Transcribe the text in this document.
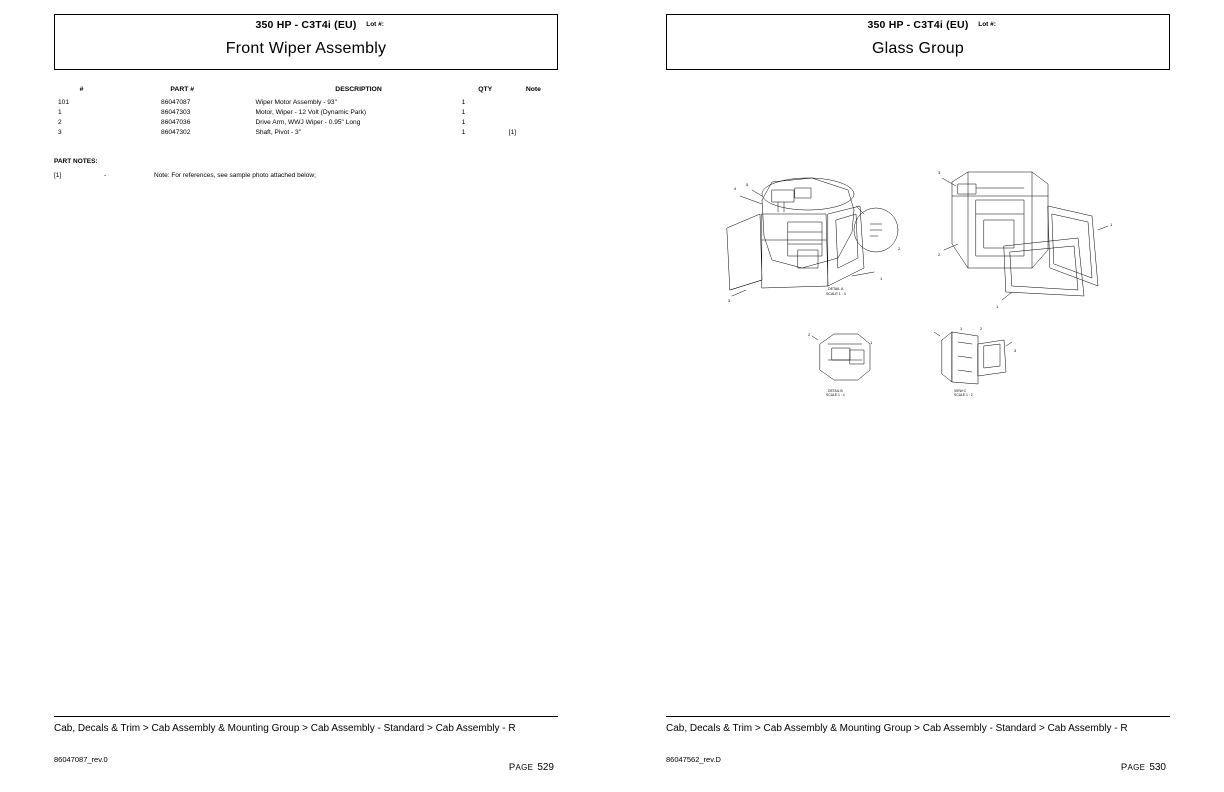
350 HP - C3T4i (EU) Lot #:
Front Wiper Assembly
#	PART #	DESCRIPTION	QTY	Note
101	86047087	Wiper Motor Assembly - 93"	1	
1	86047303	Motor, Wiper - 12 Volt (Dynamic Park)	1	
2	86047036	Drive Arm, WWJ Wiper - 0.95" Long	1	
3	86047302	Shaft, Pivot - 3"	1	[1]
PART NOTES:
[1]	-	Note: For references, see sample photo attached below;
Cab, Decals & Trim > Cab Assembly & Mounting Group > Cab Assembly - Standard > Cab Assembly - R
86047087_rev.0
PAGE 529
350 HP - C3T4i (EU) Lot #:
Glass Group
4
5
3
1
2
DETAIL A
SCALE 1 : 4
3
2
1
1
2
1
DETAIL B
SCALE 1 : 4
1	2
3
VIEW C
SCALE 1 : 2
Cab, Decals & Trim > Cab Assembly & Mounting Group > Cab Assembly - Standard > Cab Assembly - R
86047562_rev.D
PAGE 530
